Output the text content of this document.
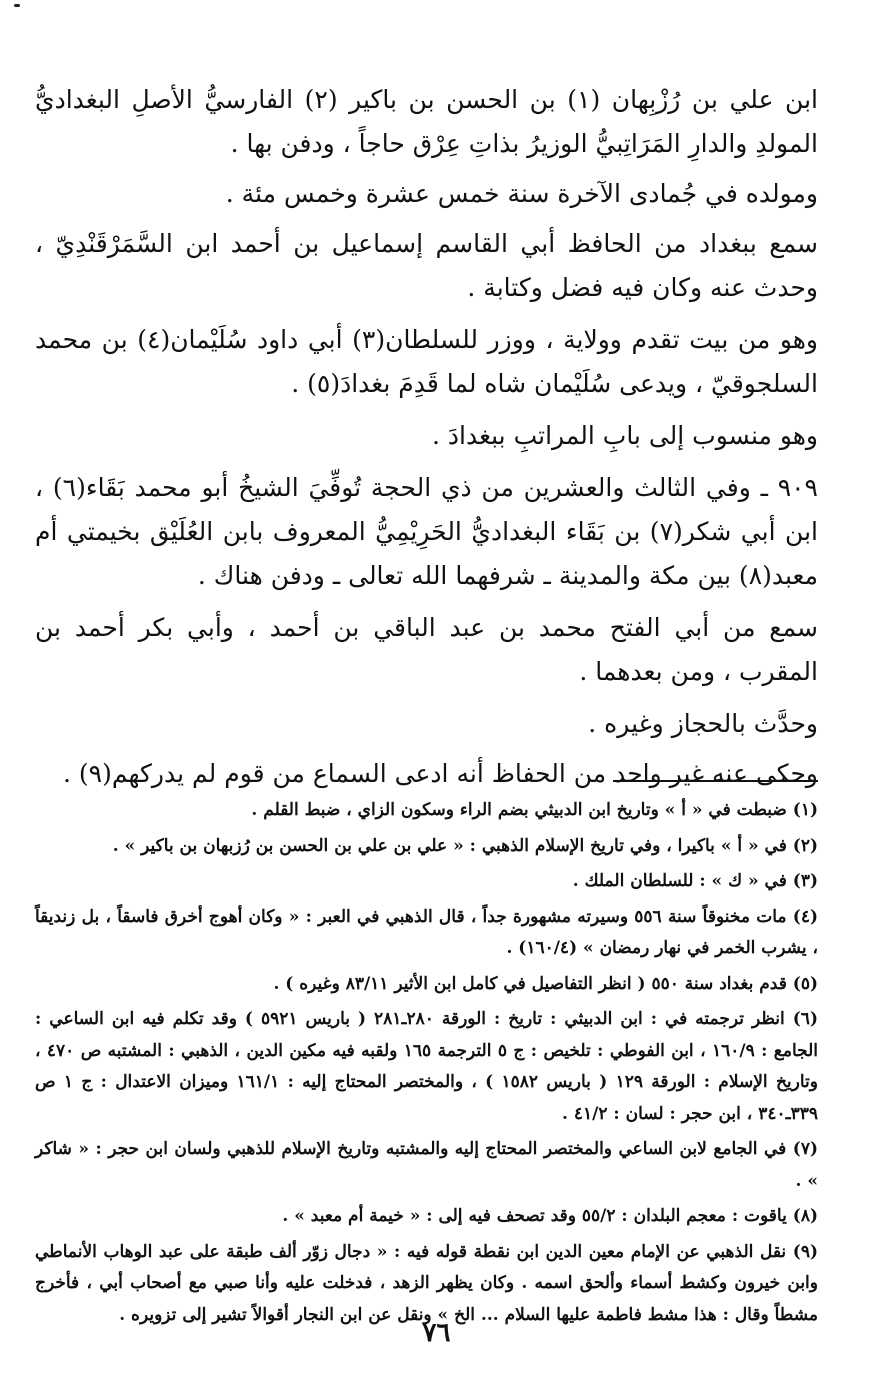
ابن علي بن رُزْبِهان (١) بن الحسن بن باكير (٢) الفارسيُّ الأصلِ البغداديُّ المولدِ والدارِ المَرَاتِبيُّ الوزيرُ بذاتِ عِرْق حاجاً ، ودفن بها .

ومولده في جُمادى الآخرة سنة خمس عشرة وخمس مئة .

سمع ببغداد من الحافظ أبي القاسم إسماعيل بن أحمد ابن السَّمَرْقَنْدِيّ ، وحدث عنه وكان فيه فضل وكتابة .

وهو من بيت تقدم وولاية ، ووزر للسلطان(٣) أبي داود سُلَيْمان(٤) بن محمد السلجوقيّ ، ويدعى سُلَيْمان شاه لما قَدِمَ بغدادَ(٥) .

وهو منسوب إلى بابِ المراتبِ ببغدادَ .

٩٠٩ ـ وفي الثالث والعشرين من ذي الحجة تُوفِّيَ الشيخُ أبو محمد بَقَاء(٦) ، ابن أبي شكر(٧) بن بَقَاء البغداديُّ الحَرِيْمِيُّ المعروف بابن العُلَيْق بخيمتي أم معبد(٨) بين مكة والمدينة ـ شرفهما الله تعالى ـ ودفن هناك .

سمع من أبي الفتح محمد بن عبد الباقي بن أحمد ، وأبي بكر أحمد بن المقرب ، ومن بعدهما .

وحدَّث بالحجاز وغيره .

وحكى عنه غير واحد من الحفاظ أنه ادعى السماع من قوم لم يدركهم(٩) .

(١) ضبطت في « أ » وتاريخ ابن الدبيثي بضم الراء وسكون الزاي ، ضبط القلم .

(٢) في « أ » باكيرا ، وفي تاريخ الإسلام الذهبي : « علي بن علي بن الحسن بن رُزبهان بن باكير » .

(٣) في « ك » : للسلطان الملك .

(٤) مات مخنوقاً سنة ٥٥٦ وسيرته مشهورة جداً ، قال الذهبي في العبر : « وكان أهوج أخرق فاسقاً ، بل زنديقاً ، يشرب الخمر في نهار رمضان » (١٦٠/٤) .

(٥) قدم بغداد سنة ٥٥٠ ( انظر التفاصيل في كامل ابن الأثير ٨٣/١١ وغيره ) .

(٦) انظر ترجمته في : ابن الدبيثي : تاريخ : الورقة ٢٨٠ـ٢٨١ ( باريس ٥٩٢١ ) وقد تكلم فيه ابن الساعي : الجامع : ١٦٠/٩ ، ابن الفوطي : تلخيص : ج ٥ الترجمة ١٦٥ ولقبه فيه مكين الدين ، الذهبي : المشتبه ص ٤٧٠ ، وتاريخ الإسلام : الورقة ١٢٩ ( باريس ١٥٨٢ ) ، والمختصر المحتاج إليه : ١٦١/١ وميزان الاعتدال : ج ١ ص ٣٣٩ـ٣٤٠ ، ابن حجر : لسان : ٤١/٢ .

(٧) في الجامع لابن الساعي والمختصر المحتاج إليه والمشتبه وتاريخ الإسلام للذهبي ولسان ابن حجر : « شاكر » .

(٨) ياقوت : معجم البلدان : ٥٥/٢ وقد تصحف فيه إلى : « خيمة أم معبد » .

(٩) نقل الذهبي عن الإمام معين الدين ابن نقطة قوله فيه : « دجال زوّر ألف طبقة على عبد الوهاب الأنماطي وابن خيرون وكشط أسماء وألحق اسمه . وكان يظهر الزهد ، فدخلت عليه وأنا صبي مع أصحاب أبي ، فأخرج مشطاً وقال : هذا مشط فاطمة عليها السلام ... الخ » ونقل عن ابن النجار أقوالاً تشير إلى تزويره .

٧٦
